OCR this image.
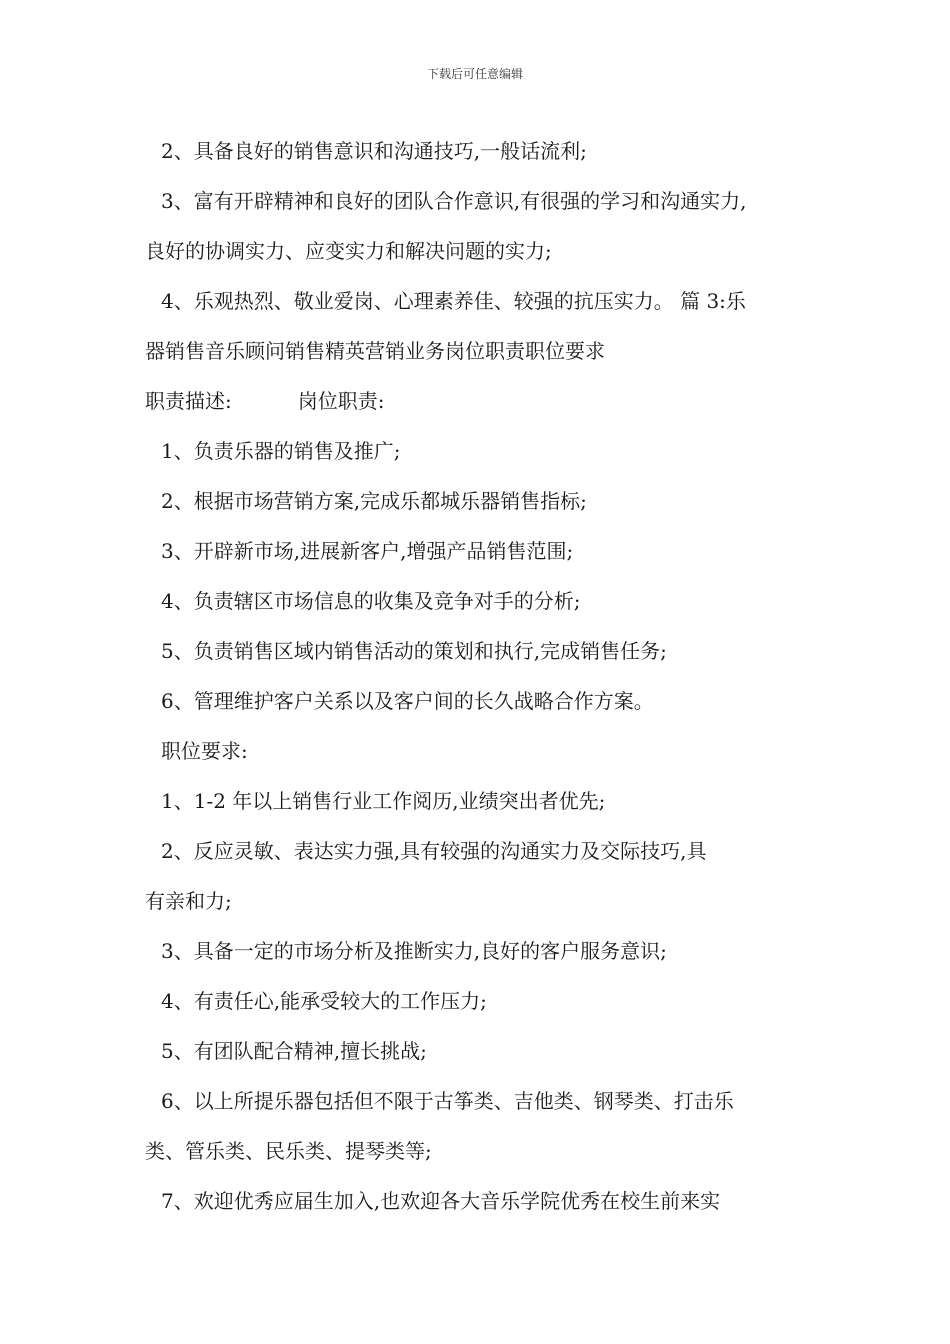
下载后可任意编辑
2、具备良好的销售意识和沟通技巧,一般话流利;
3、富有开辟精神和良好的团队合作意识,有很强的学习和沟通实力,
良好的协调实力、应变实力和解决问题的实力;
4、乐观热烈、敬业爱岗、心理素养佳、较强的抗压实力。 篇 3:乐
器销售音乐顾问销售精英营销业务岗位职责职位要求
职责描述:	岗位职责:
1、负责乐器的销售及推广;
2、根据市场营销方案,完成乐都城乐器销售指标;
3、开辟新市场,进展新客户,增强产品销售范围;
4、负责辖区市场信息的收集及竞争对手的分析;
5、负责销售区域内销售活动的策划和执行,完成销售任务;
6、管理维护客户关系以及客户间的长久战略合作方案。
职位要求:
1、1-2 年以上销售行业工作阅历,业绩突出者优先;
2、反应灵敏、表达实力强,具有较强的沟通实力及交际技巧,具
有亲和力;
3、具备一定的市场分析及推断实力,良好的客户服务意识;
4、有责任心,能承受较大的工作压力;
5、有团队配合精神,擅长挑战;
6、以上所提乐器包括但不限于古筝类、吉他类、钢琴类、打击乐
类、管乐类、民乐类、提琴类等;
7、欢迎优秀应届生加入,也欢迎各大音乐学院优秀在校生前来实
